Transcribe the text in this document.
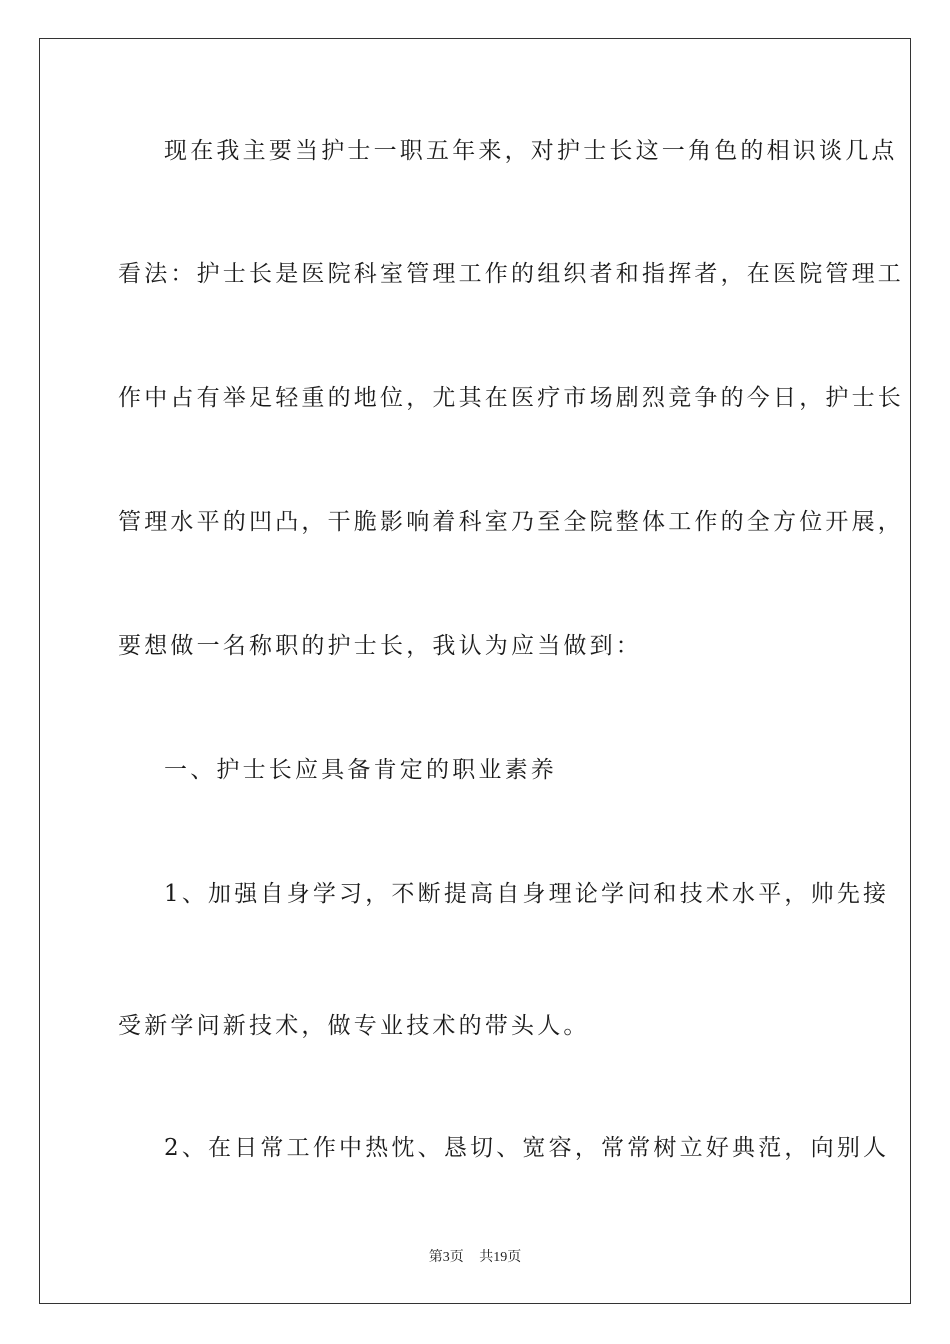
现在我主要当护士一职五年来，对护士长这一角色的相识谈几点
看法：护士长是医院科室管理工作的组织者和指挥者，在医院管理工
作中占有举足轻重的地位，尤其在医疗市场剧烈竞争的今日，护士长
管理水平的凹凸，干脆影响着科室乃至全院整体工作的全方位开展，
要想做一名称职的护士长，我认为应当做到：
一、护士长应具备肯定的职业素养
1、加强自身学习，不断提高自身理论学问和技术水平，帅先接
受新学问新技术，做专业技术的带头人。
2、在日常工作中热忱、恳切、宽容，常常树立好典范，向别人
第3页 共19页
